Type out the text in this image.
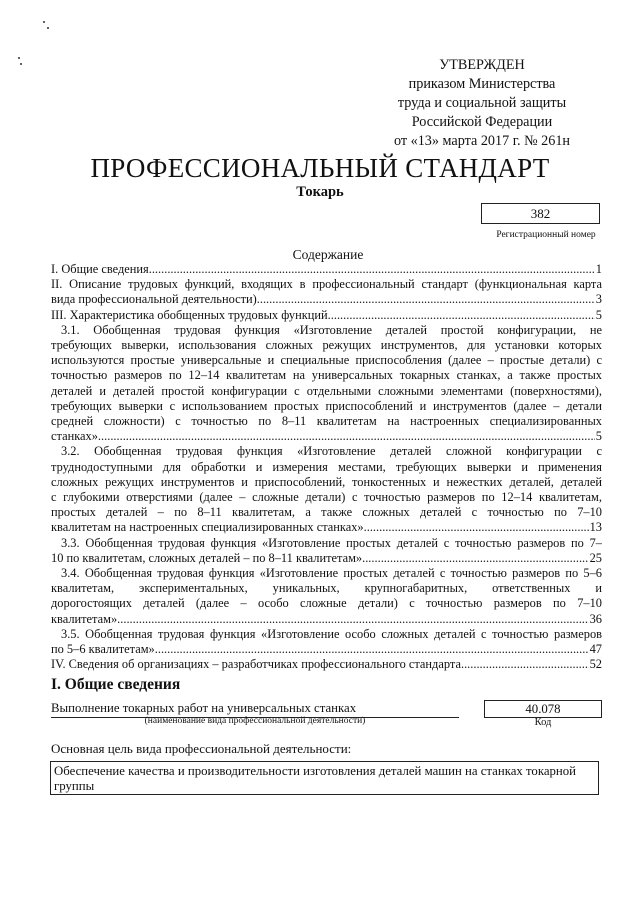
УТВЕРЖДЕН
приказом Министерства
труда и социальной защиты
Российской Федерации
от «13» марта 2017 г. № 261н
ПРОФЕССИОНАЛЬНЫЙ СТАНДАРТ
Токарь
382
Регистрационный номер
Содержание
1
I. Общие сведения .....
II. Описание трудовых функций, входящих в профессиональный стандарт (функциональная карта
3
вида профессиональной деятельности) .....
5
III. Характеристика обобщенных трудовых функций .....
3.1. Обобщенная трудовая функция «Изготовление деталей простой конфигурации, не
требующих выверки, использования сложных режущих инструментов, для установки которых
используются простые универсальные и специальные приспособления (далее – простые детали) с
точностью размеров по 12–14 квалитетам на универсальных токарных станках, а также простых
деталей и деталей простой конфигурации с отдельными сложными элементами (поверхностями),
требующих выверки с использованием простых приспособлений и инструментов (далее – детали
средней сложности) с точностью по 8–11 квалитетам на настроенных специализированных
5
станках» .....
3.2. Обобщенная трудовая функция «Изготовление деталей сложной конфигурации с
труднодоступными для обработки и измерения местами, требующих выверки и применения
сложных режущих инструментов и приспособлений, тонкостенных и нежестких деталей, деталей
с глубокими отверстиями (далее – сложные детали) с точностью размеров по 12–14 квалитетам,
простых деталей – по 8–11 квалитетам, а также сложных деталей с точностью по 7–10
13
квалитетам на настроенных специализированных станках» .....
3.3. Обобщенная трудовая функция «Изготовление простых деталей с точностью размеров по 7–
25
10 по квалитетам, сложных деталей – по 8–11 квалитетам» .....
3.4. Обобщенная трудовая функция «Изготовление простых деталей с точностью размеров по 5–6
квалитетам, экспериментальных, уникальных, крупногабаритных, ответственных и
дорогостоящих деталей (далее – особо сложные детали) с точностью размеров по 7–10
36
квалитетам» .....
3.5. Обобщенная трудовая функция «Изготовление особо сложных деталей с точностью размеров
47
по 5–6 квалитетам» .....
52
IV. Сведения об организациях – разработчиках профессионального стандарта .....
I. Общие сведения
Выполнение токарных работ на универсальных станках
(наименование вида профессиональной деятельности)
40.078
Код
Основная цель вида профессиональной деятельности:
Обеспечение качества и производительности изготовления деталей машин на станках токарной группы
